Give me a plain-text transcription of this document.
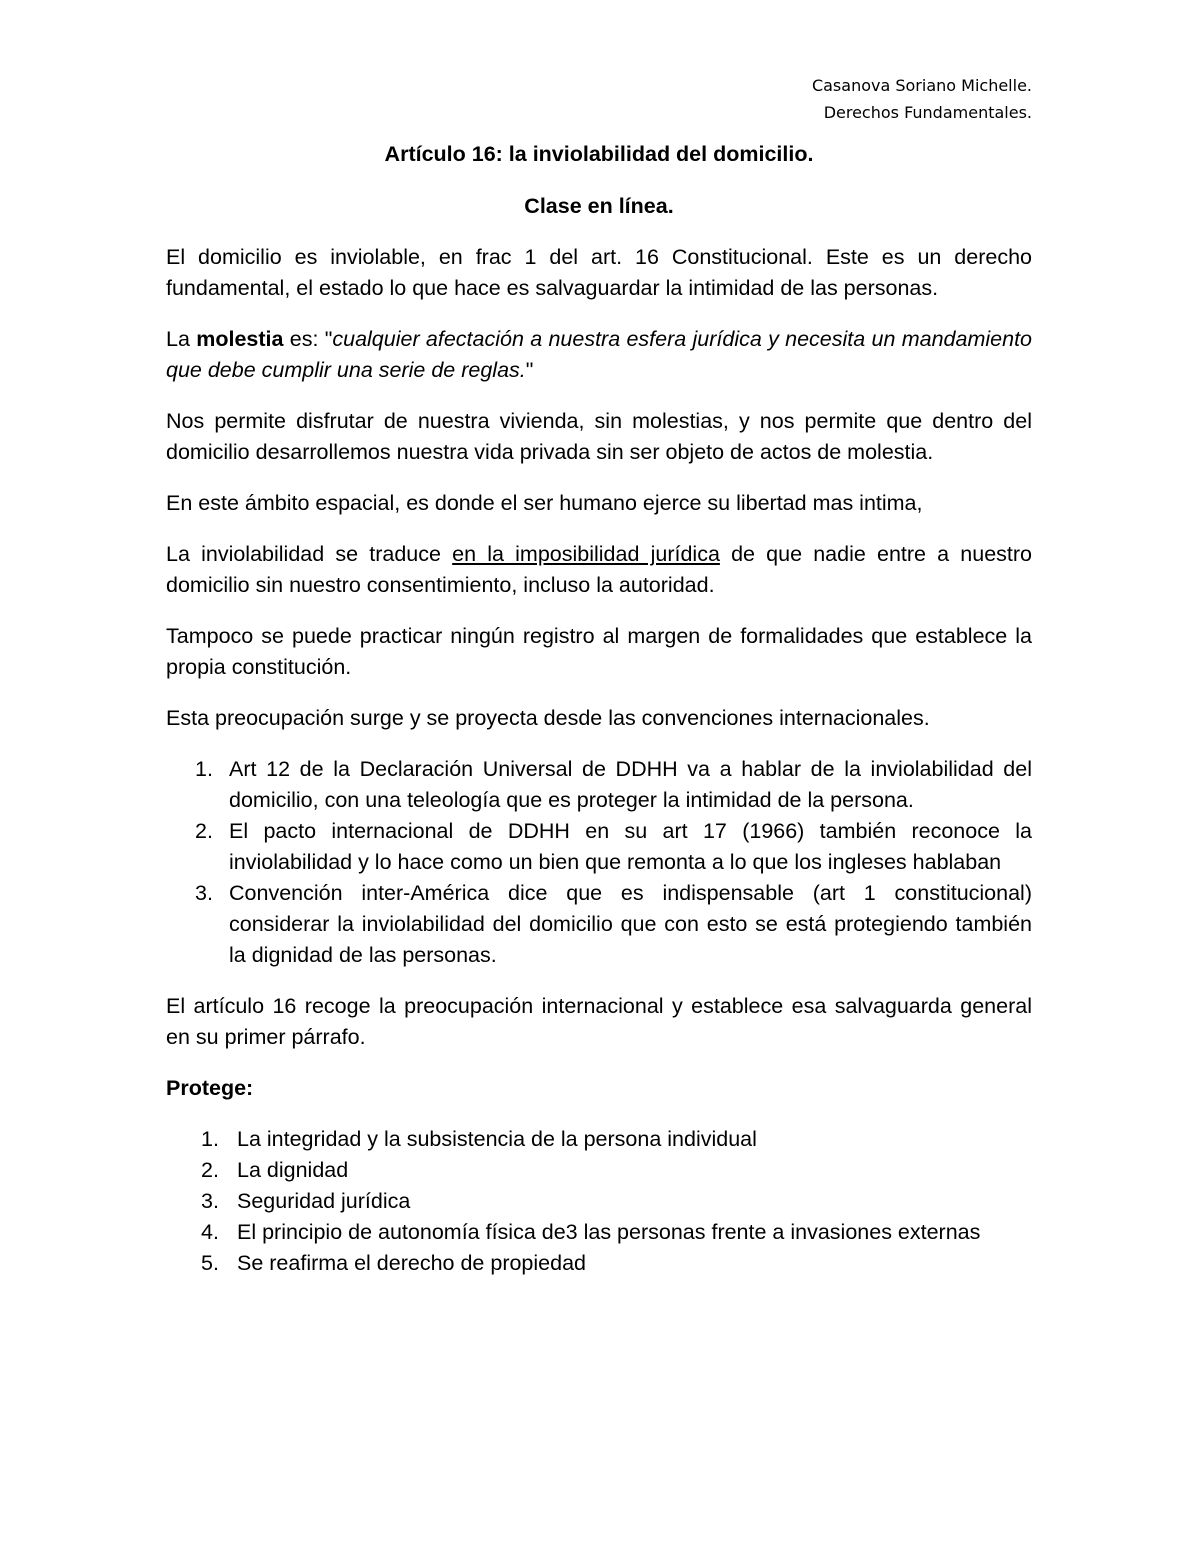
Casanova Soriano Michelle.
Derechos Fundamentales.

Artículo 16: la inviolabilidad del domicilio.

Clase en línea.

El domicilio es inviolable, en frac 1 del art. 16 Constitucional. Este es un derecho fundamental, el estado lo que hace es salvaguardar la intimidad de las personas.

La molestia es: "cualquier afectación a nuestra esfera jurídica y necesita un mandamiento que debe cumplir una serie de reglas."

Nos permite disfrutar de nuestra vivienda, sin molestias, y nos permite que dentro del domicilio desarrollemos nuestra vida privada sin ser objeto de actos de molestia.

En este ámbito espacial, es donde el ser humano ejerce su libertad mas intima,

La inviolabilidad se traduce en la imposibilidad jurídica de que nadie entre a nuestro domicilio sin nuestro consentimiento, incluso la autoridad.

Tampoco se puede practicar ningún registro al margen de formalidades que establece la propia constitución.

Esta preocupación surge y se proyecta desde las convenciones internacionales.

1. Art 12 de la Declaración Universal de DDHH va a hablar de la inviolabilidad del domicilio, con una teleología que es proteger la intimidad de la persona.
2. El pacto internacional de DDHH en su art 17 (1966) también reconoce la inviolabilidad y lo hace como un bien que remonta a lo que los ingleses hablaban
3. Convención inter-América dice que es indispensable (art 1 constitucional) considerar la inviolabilidad del domicilio que con esto se está protegiendo también la dignidad de las personas.

El artículo 16 recoge la preocupación internacional y establece esa salvaguarda general en su primer párrafo.

Protege:

1. La integridad y la subsistencia de la persona individual
2. La dignidad
3. Seguridad jurídica
4. El principio de autonomía física de3 las personas frente a invasiones externas
5. Se reafirma el derecho de propiedad
